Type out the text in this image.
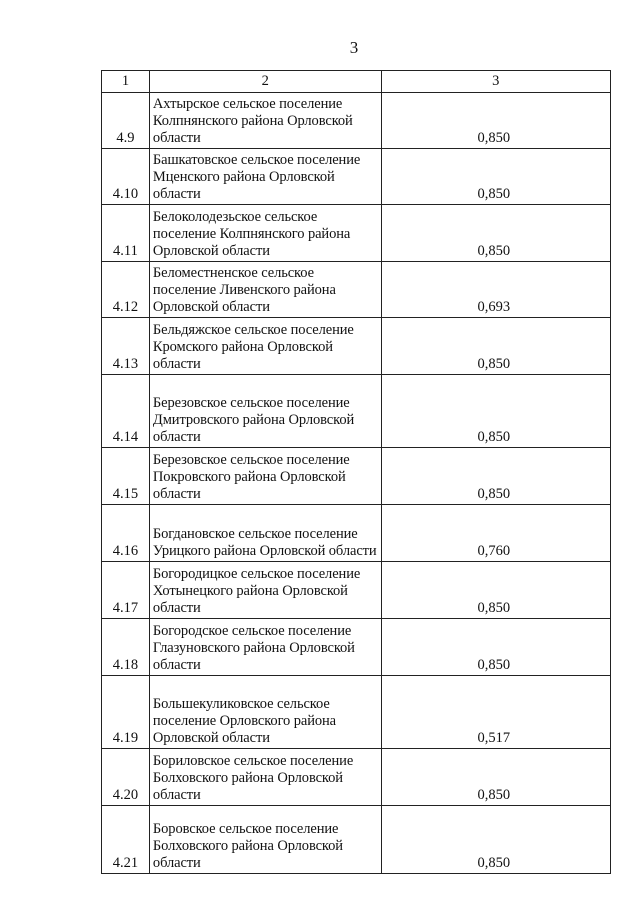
3
1	2	3
4.9	Ахтырское сельское поселение Колпнянского района Орловской области	0,850
4.10	Башкатовское сельское поселение Мценского района Орловской области	0,850
4.11	Белоколодезьское сельское поселение Колпнянского района Орловской области	0,850
4.12	Беломестненское сельское поселение Ливенского района Орловской области	0,693
4.13	Бельдяжское сельское поселение Кромского района Орловской области	0,850
4.14	Березовское сельское поселение Дмитровского района Орловской области	0,850
4.15	Березовское сельское поселение Покровского района Орловской области	0,850
4.16	Богдановское сельское поселение Урицкого района Орловской области	0,760
4.17	Богородицкое сельское поселение Хотынецкого района Орловской области	0,850
4.18	Богородское сельское поселение Глазуновского района Орловской области	0,850
4.19	Большекуликовское сельское поселение Орловского района Орловской области	0,517
4.20	Бориловское сельское поселение Болховского района Орловской области	0,850
4.21	Боровское сельское поселение Болховского района Орловской области	0,850
